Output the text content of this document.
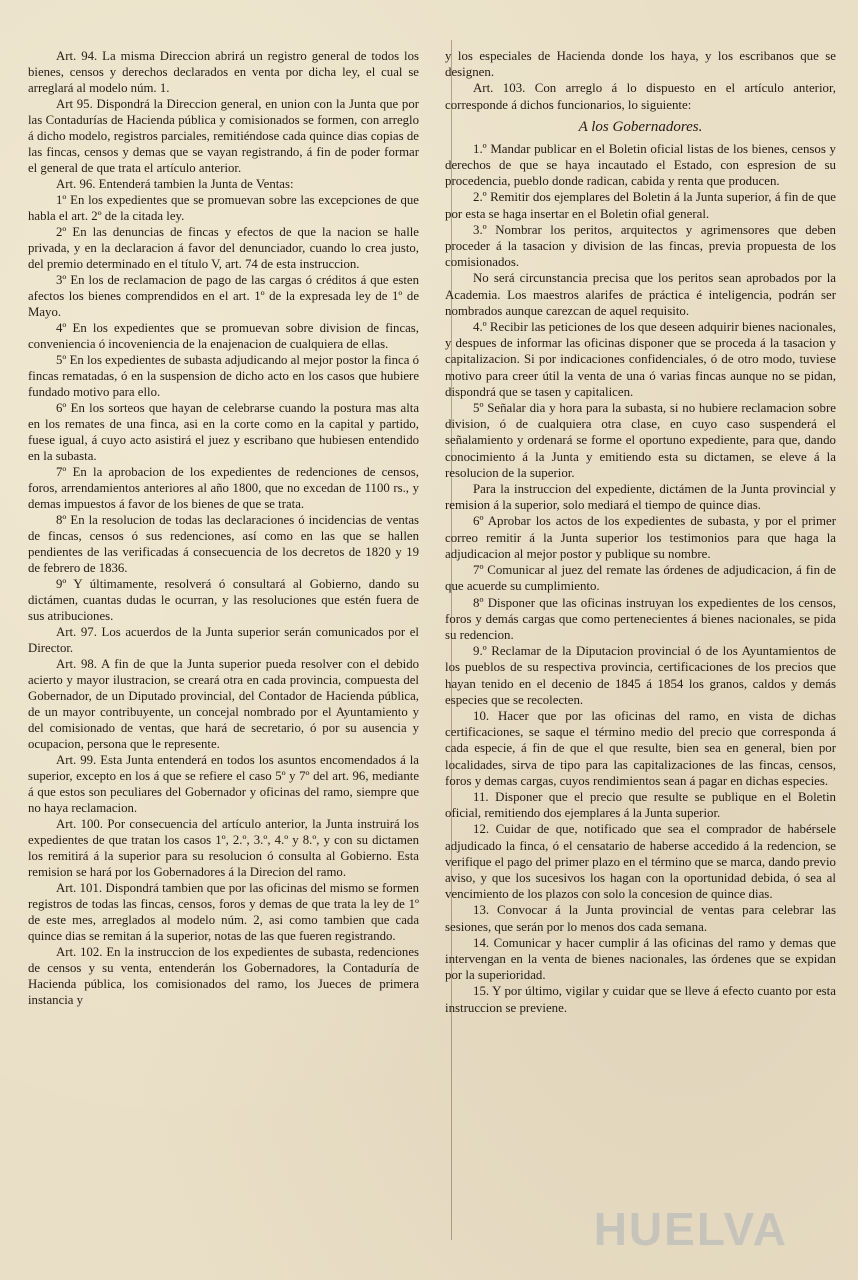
Art. 94. La misma Direccion abrirá un registro general de todos los bienes, censos y derechos declarados en venta por dicha ley, el cual se arreglará al modelo núm. 1.

Art 95. Dispondrá la Direccion general, en union con la Junta que por las Contadurías de Hacienda pública y comisionados se formen, con arreglo á dicho modelo, registros parciales, remitiéndose cada quince dias copias de las fincas, censos y demas que se vayan registrando, á fin de poder formar el general de que trata el artículo anterior.

Art. 96. Entenderá tambien la Junta de Ventas:

1º En los expedientes que se promuevan sobre las excepciones de que habla el art. 2º de la citada ley.

2º En las denuncias de fincas y efectos de que la nacion se halle privada, y en la declaracion á favor del denunciador, cuando lo crea justo, del premio determinado en el título V, art. 74 de esta instruccion.

3º En los de reclamacion de pago de las cargas ó créditos á que esten afectos los bienes comprendidos en el art. 1º de la expresada ley de 1º de Mayo.

4º En los expedientes que se promuevan sobre division de fincas, conveniencia ó incoveniencia de la enajenacion de cualquiera de ellas.

5º En los expedientes de subasta adjudicando al mejor postor la finca ó fincas rematadas, ó en la suspension de dicho acto en los casos que hubiere fundado motivo para ello.

6º En los sorteos que hayan de celebrarse cuando la postura mas alta en los remates de una finca, asi en la corte como en la capital y partido, fuese igual, á cuyo acto asistirá el juez y escribano que hubiesen entendido en la subasta.

7º En la aprobacion de los expedientes de redenciones de censos, foros, arrendamientos anteriores al año 1800, que no excedan de 1100 rs., y demas impuestos á favor de los bienes de que se trata.

8º En la resolucion de todas las declaraciones ó incidencias de ventas de fincas, censos ó sus redenciones, así como en las que se hallen pendientes de las verificadas á consecuencia de los decretos de 1820 y 19 de febrero de 1836.

9º Y últimamente, resolverá ó consultará al Gobierno, dando su dictámen, cuantas dudas le ocurran, y las resoluciones que estén fuera de sus atribuciones.

Art. 97. Los acuerdos de la Junta superior serán comunicados por el Director.

Art. 98. A fin de que la Junta superior pueda resolver con el debido acierto y mayor ilustracion, se creará otra en cada provincia, compuesta del Gobernador, de un Diputado provincial, del Contador de Hacienda pública, de un mayor contribuyente, un concejal nombrado por el Ayuntamiento y del comisionado de ventas, que hará de secretario, ó por su ausencia y ocupacion, persona que le represente.

Art. 99. Esta Junta entenderá en todos los asuntos encomendados á la superior, excepto en los á que se refiere el caso 5º y 7º del art. 96, mediante á que estos son peculiares del Gobernador y oficinas del ramo, siempre que no haya reclamacion.

Art. 100. Por consecuencia del artículo anterior, la Junta instruirá los expedientes de que tratan los casos 1º, 2.º, 3.º, 4.º y 8.º, y con su dictamen los remitirá á la superior para su resolucion ó consulta al Gobierno. Esta remision se hará por los Gobernadores á la Direcion del ramo.

Art. 101. Dispondrá tambien que por las oficinas del mismo se formen registros de todas las fincas, censos, foros y demas de que trata la ley de 1º de este mes, arreglados al modelo núm. 2, asi como tambien que cada quince dias se remitan á la superior, notas de las que fueren registrando.

Art. 102. En la instruccion de los expedientes de subasta, redenciones de censos y su venta, entenderán los Gobernadores, la Contaduría de Hacienda pública, los comisionados del ramo, los Jueces de primera instancia y

y los especiales de Hacienda donde los haya, y los escribanos que se designen.

Art. 103. Con arreglo á lo dispuesto en el artículo anterior, corresponde á dichos funcionarios, lo siguiente:

A los Gobernadores.

1.º Mandar publicar en el Boletin oficial listas de los bienes, censos y derechos de que se haya incautado el Estado, con espresion de su procedencia, pueblo donde radican, cabida y renta que producen.

2.º Remitir dos ejemplares del Boletin á la Junta superior, á fin de que por esta se haga insertar en el Boletin ofial general.

3.º Nombrar los peritos, arquitectos y agrimensores que deben proceder á la tasacion y division de las fincas, previa propuesta de los comisionados.

No será circunstancia precisa que los peritos sean aprobados por la Academia. Los maestros alarifes de práctica é inteligencia, podrán ser nombrados aunque carezcan de aquel requisito.

4.º Recibir las peticiones de los que deseen adquirir bienes nacionales, y despues de informar las oficinas disponer que se proceda á la tasacion y capitalizacion. Si por indicaciones confidenciales, ó de otro modo, tuviese motivo para creer útil la venta de una ó varias fincas aunque no se pidan, dispondrá que se tasen y capitalicen.

5º Señalar dia y hora para la subasta, si no hubiere reclamacion sobre division, ó de cualquiera otra clase, en cuyo caso suspenderá el señalamiento y ordenará se forme el oportuno expediente, para que, dando conocimiento á la Junta y emitiendo esta su dictamen, se eleve á la resolucion de la superior.

Para la instruccion del expediente, dictámen de la Junta provincial y remision á la superior, solo mediará el tiempo de quince dias.

6º Aprobar los actos de los expedientes de subasta, y por el primer correo remitir á la Junta superior los testimonios para que haga la adjudicacion al mejor postor y publique su nombre.

7º Comunicar al juez del remate las órdenes de adjudicacion, á fin de que acuerde su cumplimiento.

8º Disponer que las oficinas instruyan los expedientes de los censos, foros y demás cargas que como pertenecientes á bienes nacionales, se pida su redencion.

9.º Reclamar de la Diputacion provincial ó de los Ayuntamientos de los pueblos de su respectiva provincia, certificaciones de los precios que hayan tenido en el decenio de 1845 á 1854 los granos, caldos y demás especies que se recolecten.

10. Hacer que por las oficinas del ramo, en vista de dichas certificaciones, se saque el término medio del precio que corresponda á cada especie, á fin de que el que resulte, bien sea en general, bien por localidades, sirva de tipo para las capitalizaciones de las fincas, censos, foros y demas cargas, cuyos rendimientos sean á pagar en dichas especies.

11. Disponer que el precio que resulte se publique en el Boletin oficial, remitiendo dos ejemplares á la Junta superior.

12. Cuidar de que, notificado que sea el comprador de habérsele adjudicado la finca, ó el censatario de haberse accedido á la redencion, se verifique el pago del primer plazo en el término que se marca, dando previo aviso, y que los sucesivos los hagan con la oportunidad debida, ó sea al vencimiento de los plazos con solo la concesion de quince dias.

13. Convocar á la Junta provincial de ventas para celebrar las sesiones, que serán por lo menos dos cada semana.

14. Comunicar y hacer cumplir á las oficinas del ramo y demas que intervengan en la venta de bienes nacionales, las órdenes que se expidan por la superioridad.

15. Y por último, vigilar y cuidar que se lleve á efecto cuanto por esta instruccion se previene.

HUELVA
